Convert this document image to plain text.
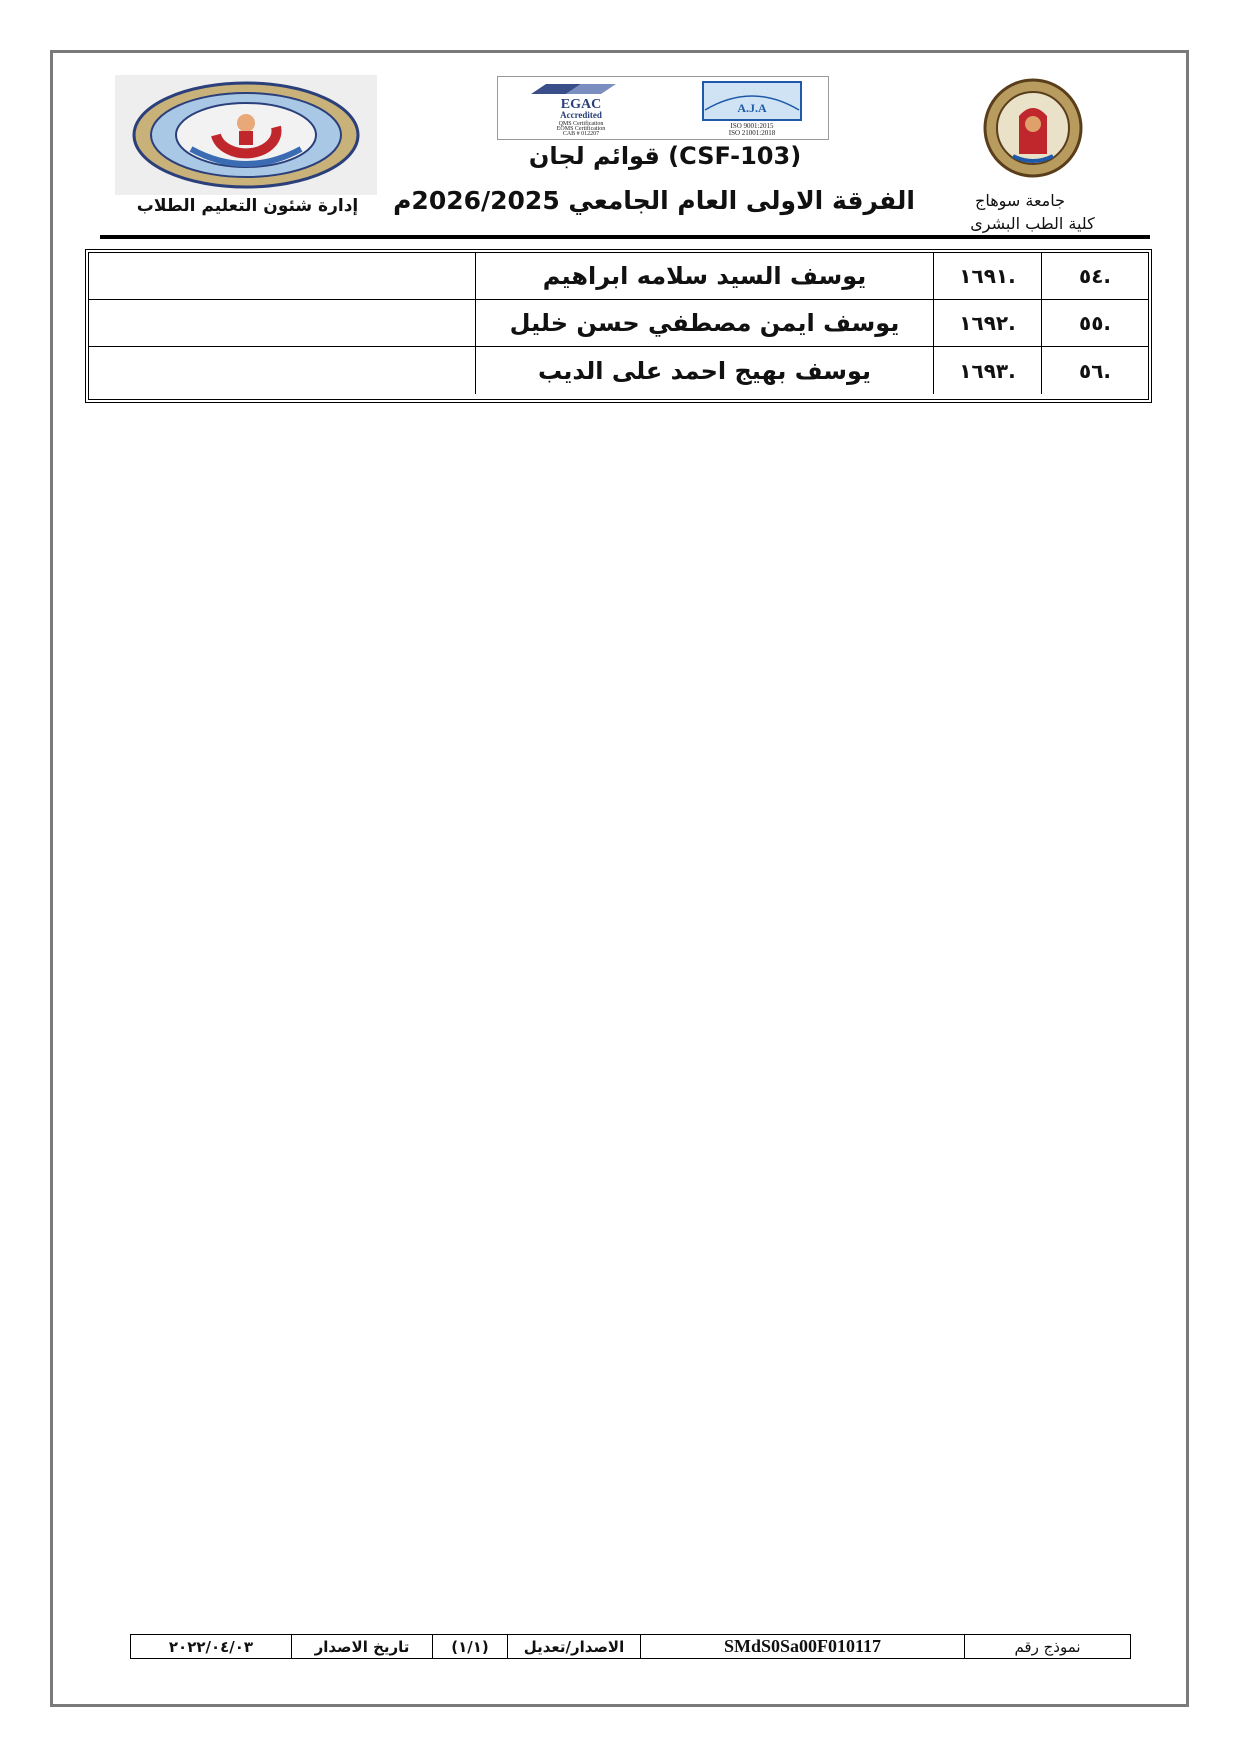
EGAC
Accredited
QMS Certification
EOMS Certification
CAB # 012207
A.J.A
ISO 9001:2015
ISO 21001:2018
قوائم لجان (CSF-103)
الفرقة الاولى العام الجامعي 2026/2025م
إدارة شئون التعليم الطلاب	جامعة سوهاج
كلية الطب البشرى
يوسف السيد سلامه ابراهيم	١٦٩١.	٥٤.
يوسف ايمن مصطفي حسن خليل	١٦٩٢.	٥٥.
يوسف بهيج احمد على الديب	١٦٩٣.	٥٦.
٢٠٢٢/٠٤/٠٣	تاريخ الاصدار	(١/١)	الاصدار/تعديل	SMdS0Sa00F010117	نموذج رقم
